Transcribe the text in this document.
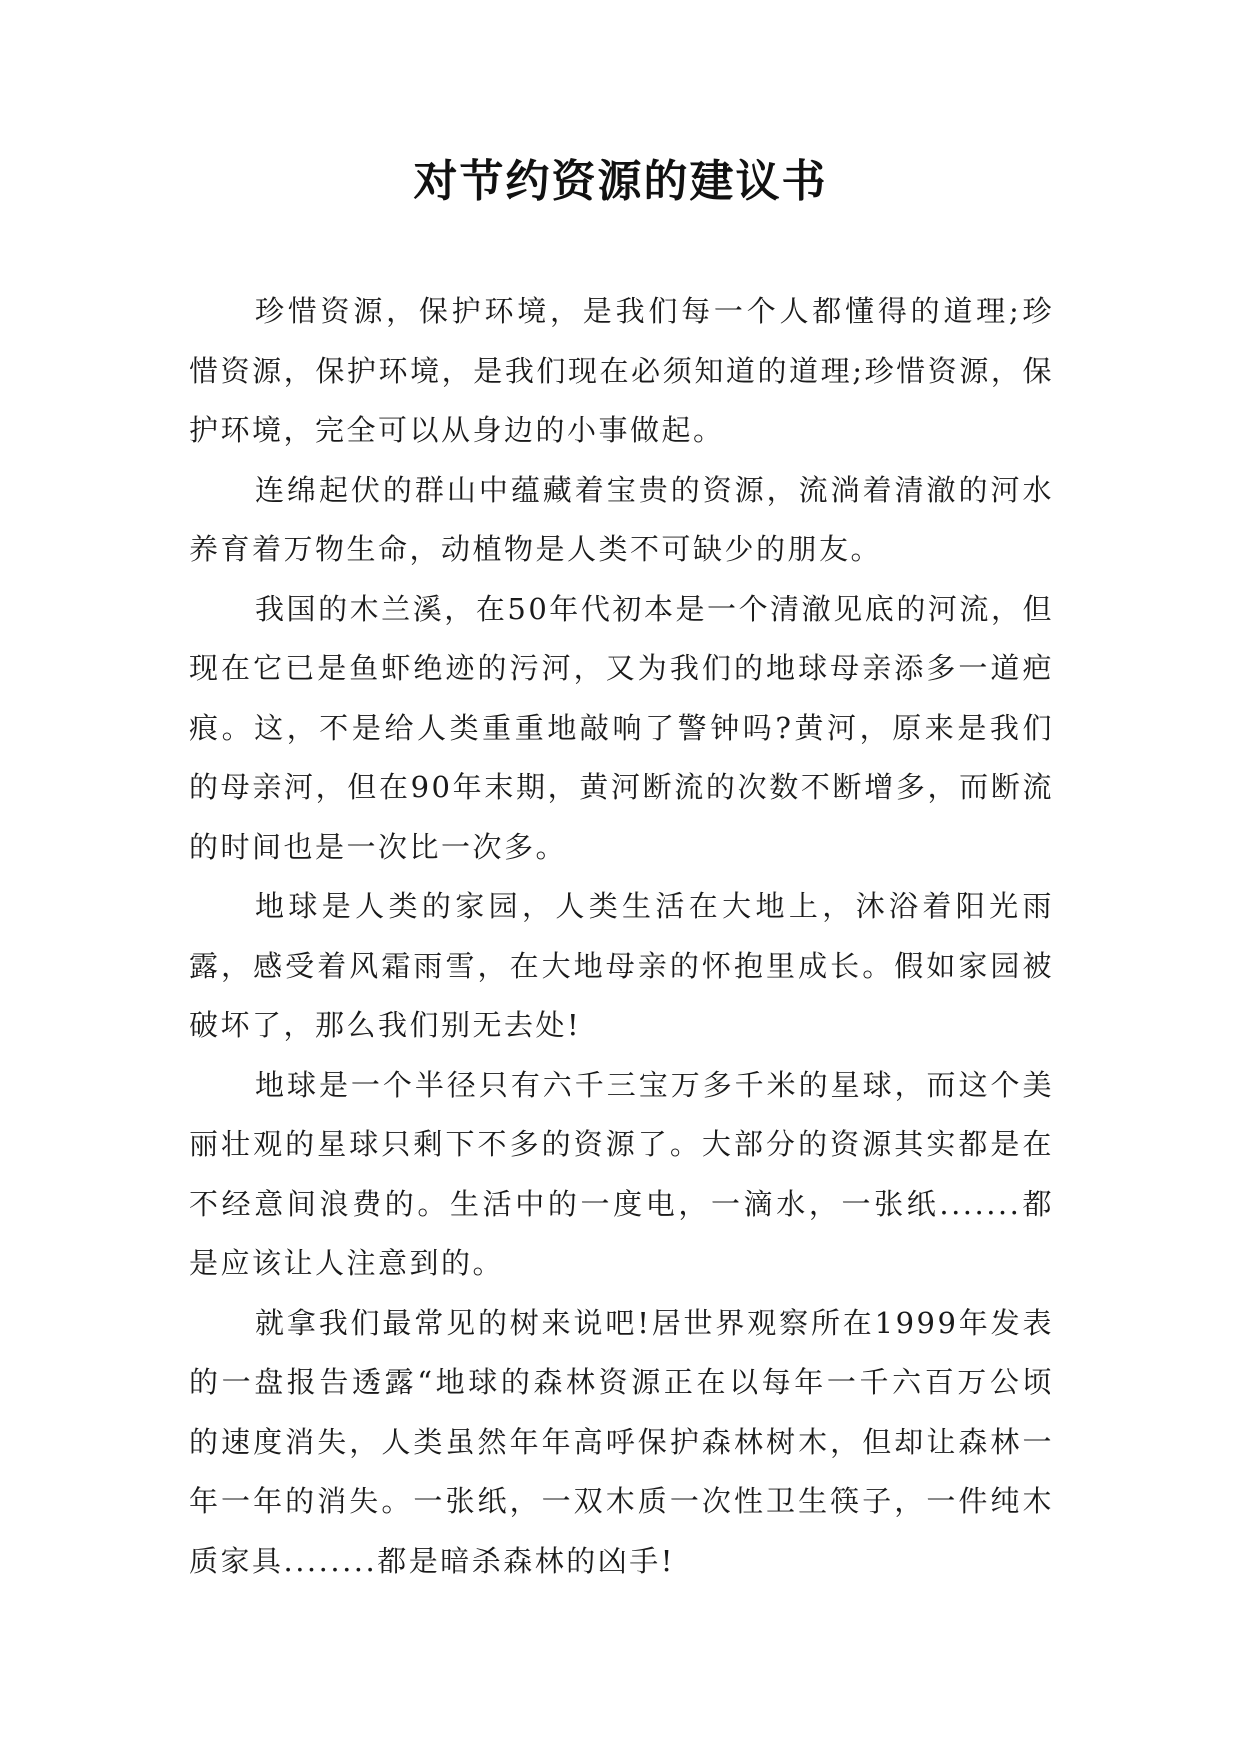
对节约资源的建议书

珍惜资源，保护环境，是我们每一个人都懂得的道理;珍惜资源，保护环境，是我们现在必须知道的道理;珍惜资源，保护环境，完全可以从身边的小事做起。

连绵起伏的群山中蕴藏着宝贵的资源，流淌着清澈的河水养育着万物生命，动植物是人类不可缺少的朋友。

我国的木兰溪，在50年代初本是一个清澈见底的河流，但现在它已是鱼虾绝迹的污河，又为我们的地球母亲添多一道疤痕。这，不是给人类重重地敲响了警钟吗?黄河，原来是我们的母亲河，但在90年末期，黄河断流的次数不断增多，而断流的时间也是一次比一次多。

地球是人类的家园，人类生活在大地上，沐浴着阳光雨露，感受着风霜雨雪，在大地母亲的怀抱里成长。假如家园被破坏了，那么我们别无去处!

地球是一个半径只有六千三宝万多千米的星球，而这个美丽壮观的星球只剩下不多的资源了。大部分的资源其实都是在不经意间浪费的。生活中的一度电，一滴水，一张纸.......都是应该让人注意到的。

就拿我们最常见的树来说吧!居世界观察所在1999年发表的一盘报告透露“地球的森林资源正在以每年一千六百万公顷的速度消失，人类虽然年年高呼保护森林树木，但却让森林一年一年的消失。一张纸，一双木质一次性卫生筷子，一件纯木质家具........都是暗杀森林的凶手!
